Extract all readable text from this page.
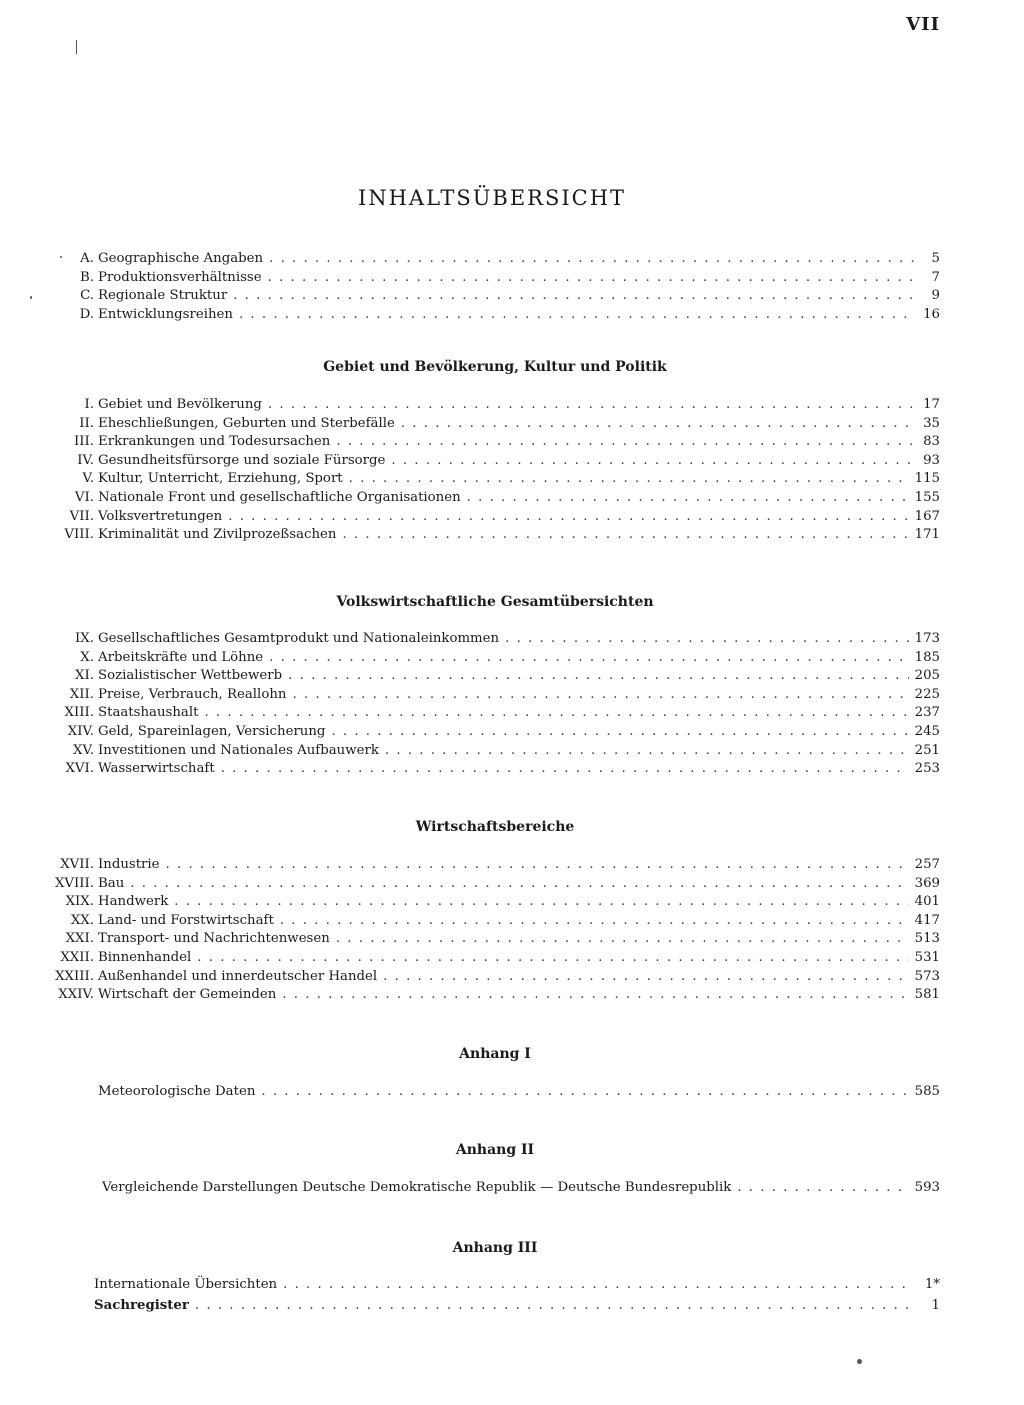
VII
INHALTSÜBERSICHT
A. Geographische Angaben . . .	5
B. Produktionsverhältnisse . . .	7
C. Regionale Struktur . . .	9
D. Entwicklungsreihen . . .	16
Gebiet und Bevölkerung, Kultur und Politik
I. Gebiet und Bevölkerung . . .	17
II. Eheschließungen, Geburten und Sterbefälle . . .	35
III. Erkrankungen und Todesursachen . . .	83
IV. Gesundheitsfürsorge und soziale Fürsorge . . .	93
V. Kultur, Unterricht, Erziehung, Sport . . .	115
VI. Nationale Front und gesellschaftliche Organisationen . . .	155
VII. Volksvertretungen . . .	167
VIII. Kriminalität und Zivilprozeßsachen . . .	171
Volkswirtschaftliche Gesamtübersichten
IX. Gesellschaftliches Gesamtprodukt und Nationaleinkommen . . .	173
X. Arbeitskräfte und Löhne . . .	185
XI. Sozialistischer Wettbewerb . . .	205
XII. Preise, Verbrauch, Reallohn . . .	225
XIII. Staatshaushalt . . .	237
XIV. Geld, Spareinlagen, Versicherung . . .	245
XV. Investitionen und Nationales Aufbauwerk . . .	251
XVI. Wasserwirtschaft . . .	253
Wirtschaftsbereiche
XVII. Industrie . . .	257
XVIII. Bau . . .	369
XIX. Handwerk . . .	401
XX. Land- und Forstwirtschaft . . .	417
XXI. Transport- und Nachrichtenwesen . . .	513
XXII. Binnenhandel . . .	531
XXIII. Außenhandel und innerdeutscher Handel . . .	573
XXIV. Wirtschaft der Gemeinden . . .	581
Anhang I
Meteorologische Daten . . .	585
Anhang II
Vergleichende Darstellungen Deutsche Demokratische Republik — Deutsche Bundesrepublik . . .	593
Anhang III
Internationale Übersichten . . .	1*
Sachregister . . .	1
